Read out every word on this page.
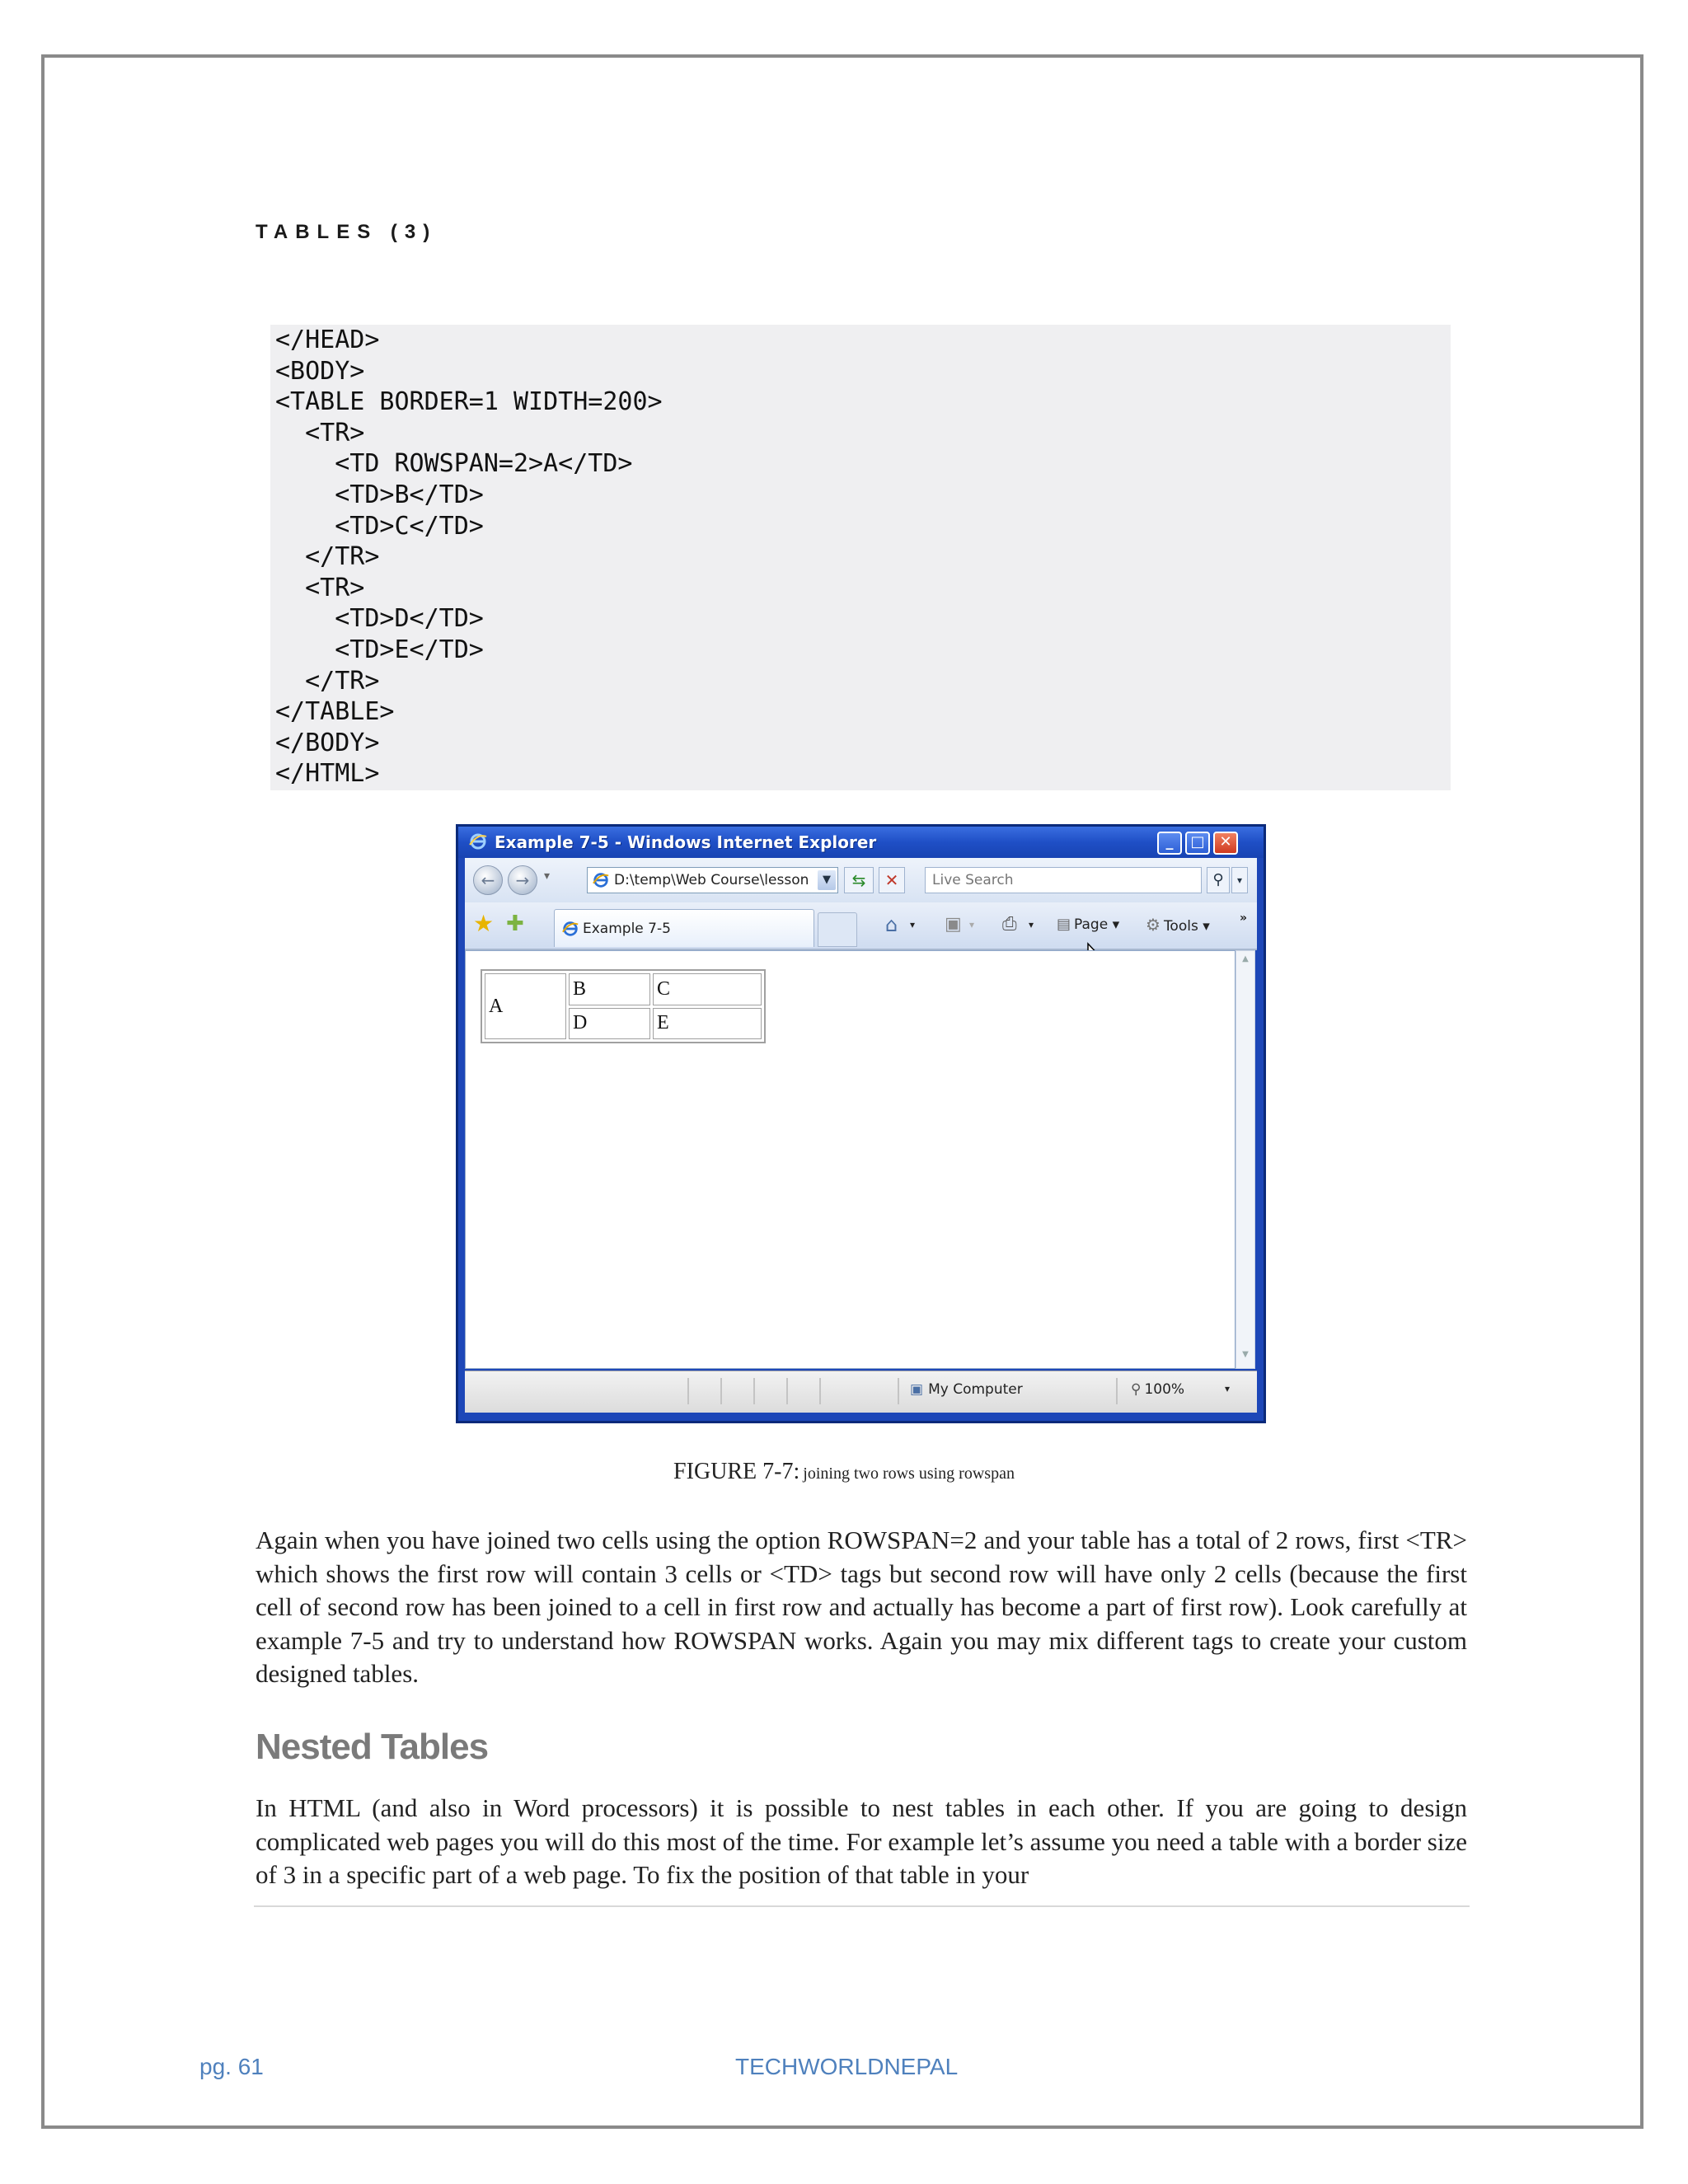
TABLES (3)
</HEAD>
<BODY>
<TABLE BORDER=1 WIDTH=200>
<TR>
<TD ROWSPAN=2>A</TD>
<TD>B</TD>
<TD>C</TD>
</TR>
<TR>
<TD>D</TD>
<TD>E</TD>
</TR>
</TABLE>
</BODY>
</HTML>
Example 7-5 - Windows Internet Explorer	_	□ ✕
←	→	▾	D:\temp\Web Course\lesson	▼	⇆	✕
Live Search	⚲	▾
★ ✚	Example 7-5	⌂ ▾ ▣ ▾ ⎙ ▾ ▤ Page ▾ ⚙ Tools ▾	»
A	B	C
	D	E
▲
▼
▣ My Computer	⚲ 100%	▾

FIGURE 7-7: joining two rows using rowspan

Again when you have joined two cells using the option ROWSPAN=2 and your table has a total of 2 rows, first <TR> which shows the first row will contain 3 cells or <TD> tags but second row will have only 2 cells (because the first cell of second row has been joined to a cell in first row and actually has become a part of first row). Look carefully at example 7-5 and try to understand how ROWSPAN works. Again you may mix different tags to create your custom designed tables.

Nested Tables

In HTML (and also in Word processors) it is possible to nest tables in each other. If you are going to design complicated web pages you will do this most of the time. For example let’s assume you need a table with a border size of 3 in a specific part of a web page. To fix the position of that table in your

pg. 61	TECHWORLDNEPAL
